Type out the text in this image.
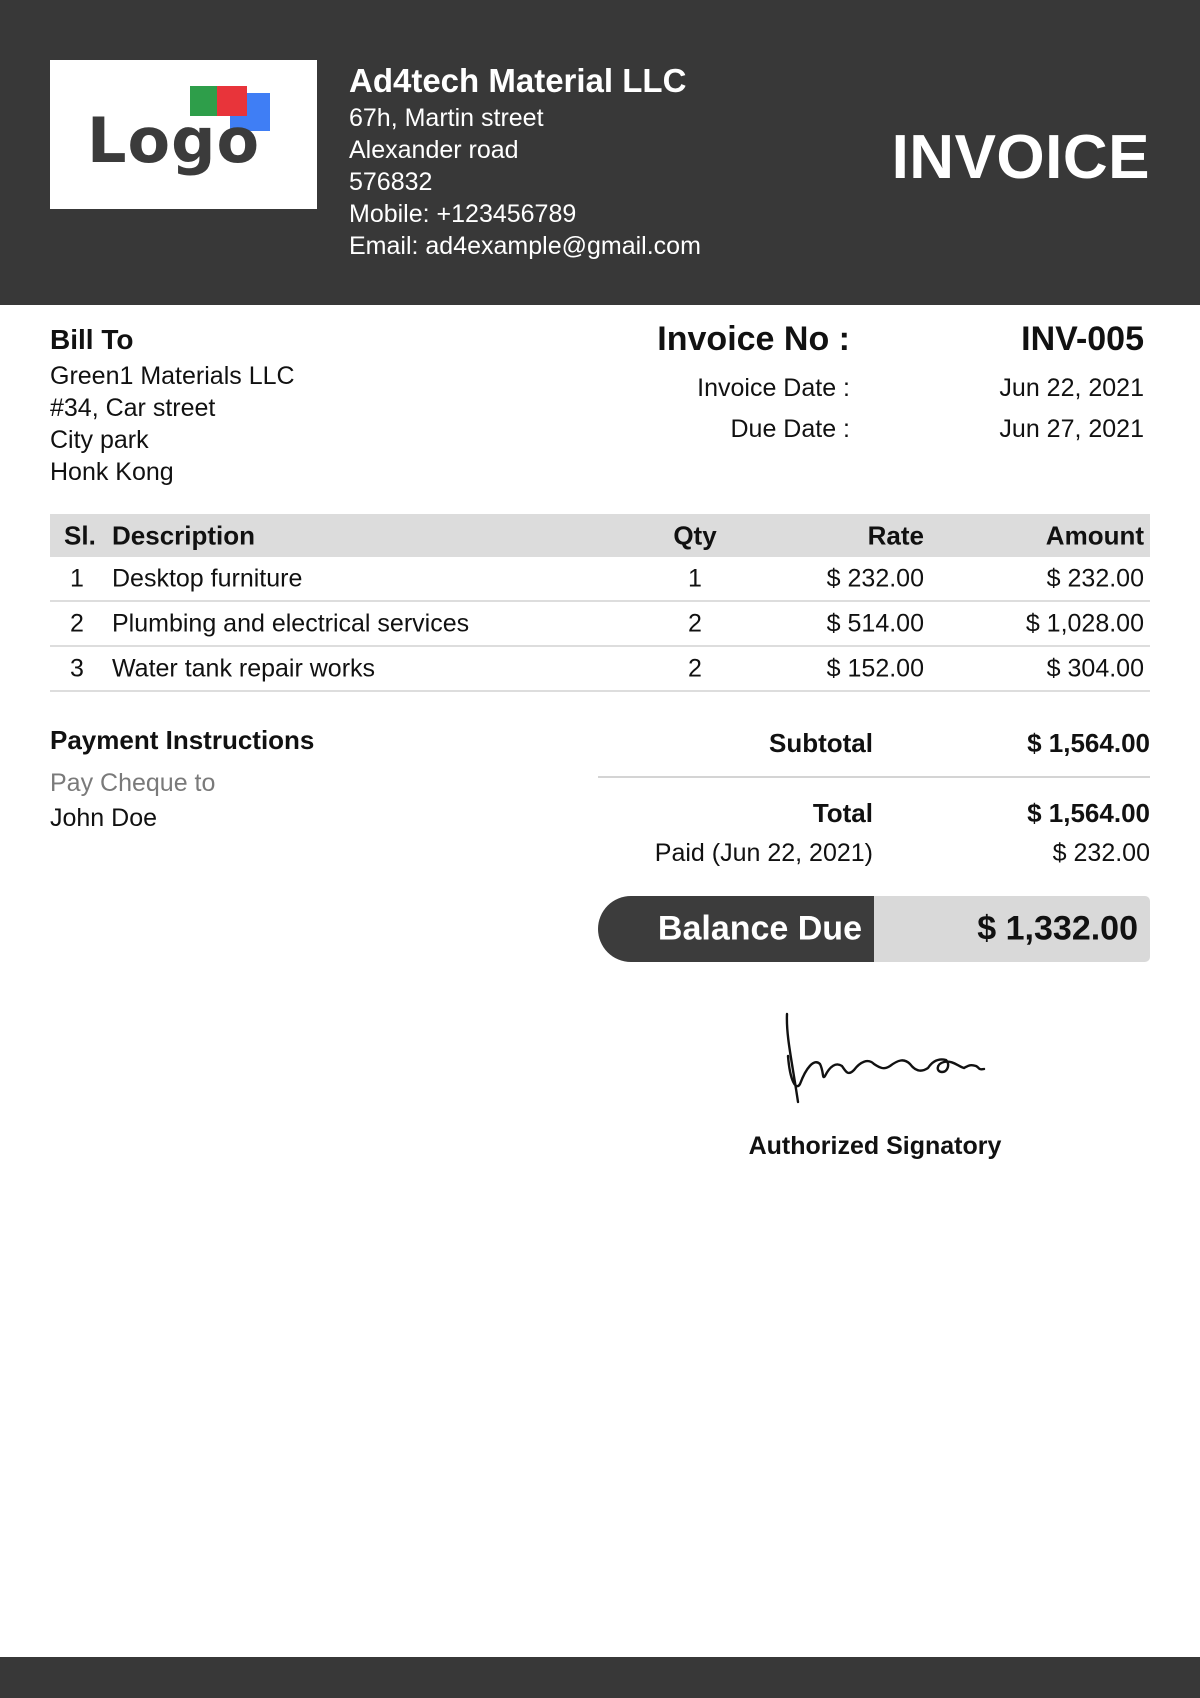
Logo
Ad4tech Material LLC
67h, Martin street
Alexander road
576832
Mobile: +123456789
Email: ad4example@gmail.com
INVOICE
Bill To
Green1 Materials LLC
#34, Car street
City park
Honk Kong
Invoice No :	INV-005
Invoice Date :	Jun 22, 2021
Due Date :	Jun 27, 2021
Sl. Description	Qty	Rate	Amount
1 Desktop furniture	1	$ 232.00	$ 232.00
2 Plumbing and electrical services	2	$ 514.00	$ 1,028.00
3 Water tank repair works	2	$ 152.00	$ 304.00
Payment Instructions
Pay Cheque to
John Doe
Subtotal	$ 1,564.00
Total	$ 1,564.00
Paid (Jun 22, 2021)	$ 232.00
Balance Due	$ 1,332.00
Authorized Signatory
